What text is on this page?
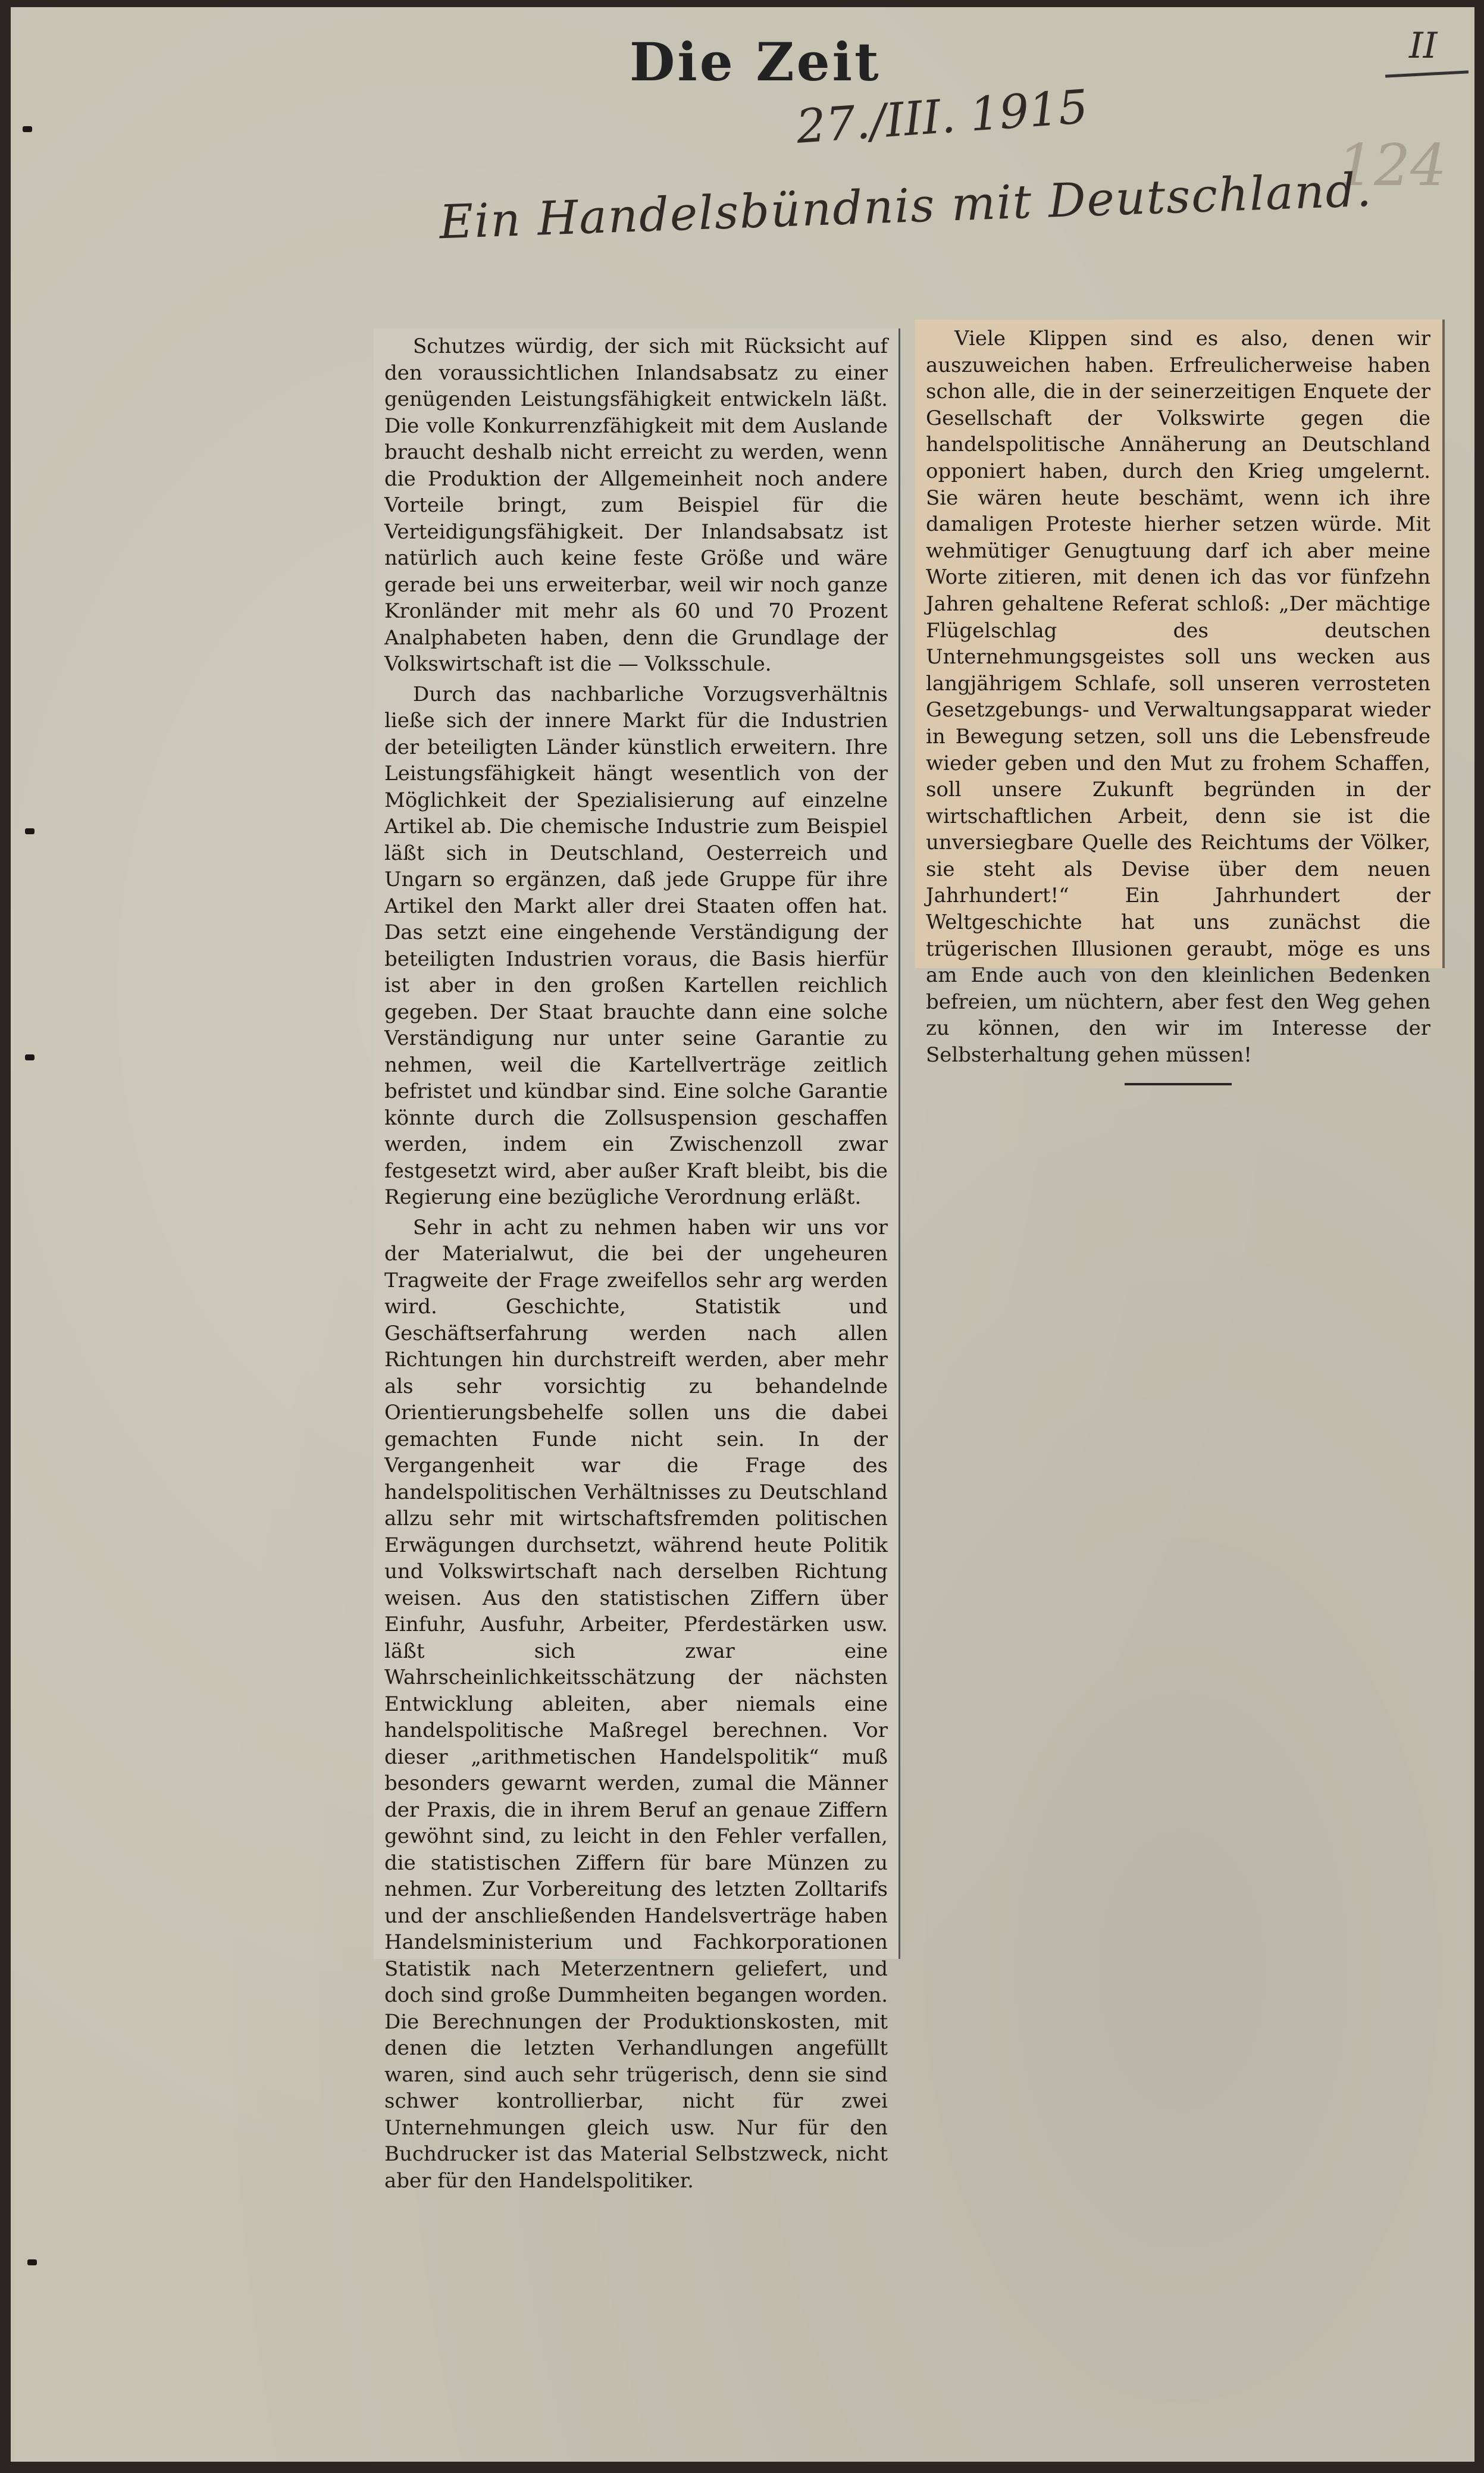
Die Zeit	II
27./III. 1915
124
Ein Handelsbündnis mit Deutschland.

Schutzes würdig, der sich mit Rücksicht auf den voraussichtlichen Inlandsabsatz zu einer genügenden Leistungsfähigkeit entwickeln läßt. Die volle Konkurrenzfähigkeit mit dem Auslande braucht deshalb nicht erreicht zu werden, wenn die Produktion der Allgemeinheit noch andere Vorteile bringt, zum Beispiel für die Verteidigungsfähigkeit. Der Inlandsabsatz ist natürlich auch keine feste Größe und wäre gerade bei uns erweiterbar, weil wir noch ganze Kronländer mit mehr als 60 und 70 Prozent Analphabeten haben, denn die Grundlage der Volkswirtschaft ist die — Volksschule.

Durch das nachbarliche Vorzugsverhältnis ließe sich der innere Markt für die Industrien der beteiligten Länder künstlich erweitern. Ihre Leistungsfähigkeit hängt wesentlich von der Möglichkeit der Spezialisierung auf einzelne Artikel ab. Die chemische Industrie zum Beispiel läßt sich in Deutschland, Oesterreich und Ungarn so ergänzen, daß jede Gruppe für ihre Artikel den Markt aller drei Staaten offen hat. Das setzt eine eingehende Verständigung der beteiligten Industrien voraus, die Basis hierfür ist aber in den großen Kartellen reichlich gegeben. Der Staat brauchte dann eine solche Verständigung nur unter seine Garantie zu nehmen, weil die Kartellverträge zeitlich befristet und kündbar sind. Eine solche Garantie könnte durch die Zollsuspension geschaffen werden, indem ein Zwischenzoll zwar festgesetzt wird, aber außer Kraft bleibt, bis die Regierung eine bezügliche Verordnung erläßt.

Sehr in acht zu nehmen haben wir uns vor der Materialwut, die bei der ungeheuren Tragweite der Frage zweifellos sehr arg werden wird. Geschichte, Statistik und Geschäftserfahrung werden nach allen Richtungen hin durchstreift werden, aber mehr als sehr vorsichtig zu behandelnde Orientierungsbehelfe sollen uns die dabei gemachten Funde nicht sein. In der Vergangenheit war die Frage des handelspolitischen Verhältnisses zu Deutschland allzu sehr mit wirtschaftsfremden politischen Erwägungen durchsetzt, während heute Politik und Volkswirtschaft nach derselben Richtung weisen. Aus den statistischen Ziffern über Einfuhr, Ausfuhr, Arbeiter, Pferdestärken usw. läßt sich zwar eine Wahrscheinlichkeitsschätzung der nächsten Entwicklung ableiten, aber niemals eine handelspolitische Maßregel berechnen. Vor dieser „arithmetischen Handelspolitik“ muß besonders gewarnt werden, zumal die Männer der Praxis, die in ihrem Beruf an genaue Ziffern gewöhnt sind, zu leicht in den Fehler verfallen, die statistischen Ziffern für bare Münzen zu nehmen. Zur Vorbereitung des letzten Zolltarifs und der anschließenden Handelsverträge haben Handelsministerium und Fachkorporationen Statistik nach Meterzentnern geliefert, und doch sind große Dummheiten begangen worden. Die Berechnungen der Produktionskosten, mit denen die letzten Verhandlungen angefüllt waren, sind auch sehr trügerisch, denn sie sind schwer kontrollierbar, nicht für zwei Unternehmungen gleich usw. Nur für den Buchdrucker ist das Material Selbstzweck, nicht aber für den Handelspolitiker.

Viele Klippen sind es also, denen wir auszuweichen haben. Erfreulicherweise haben schon alle, die in der seinerzeitigen Enquete der Gesellschaft der Volkswirte gegen die handelspolitische Annäherung an Deutschland opponiert haben, durch den Krieg umgelernt. Sie wären heute beschämt, wenn ich ihre damaligen Proteste hierher setzen würde. Mit wehmütiger Genugtuung darf ich aber meine Worte zitieren, mit denen ich das vor fünfzehn Jahren gehaltene Referat schloß: „Der mächtige Flügelschlag des deutschen Unternehmungsgeistes soll uns wecken aus langjährigem Schlafe, soll unseren verrosteten Gesetzgebungs- und Verwaltungsapparat wieder in Bewegung setzen, soll uns die Lebensfreude wieder geben und den Mut zu frohem Schaffen, soll unsere Zukunft begründen in der wirtschaftlichen Arbeit, denn sie ist die unversiegbare Quelle des Reichtums der Völker, sie steht als Devise über dem neuen Jahrhundert!“ Ein Jahrhundert der Weltgeschichte hat uns zunächst die trügerischen Illusionen geraubt, möge es uns am Ende auch von den kleinlichen Bedenken befreien, um nüchtern, aber fest den Weg gehen zu können, den wir im Interesse der Selbsterhaltung gehen müssen!
